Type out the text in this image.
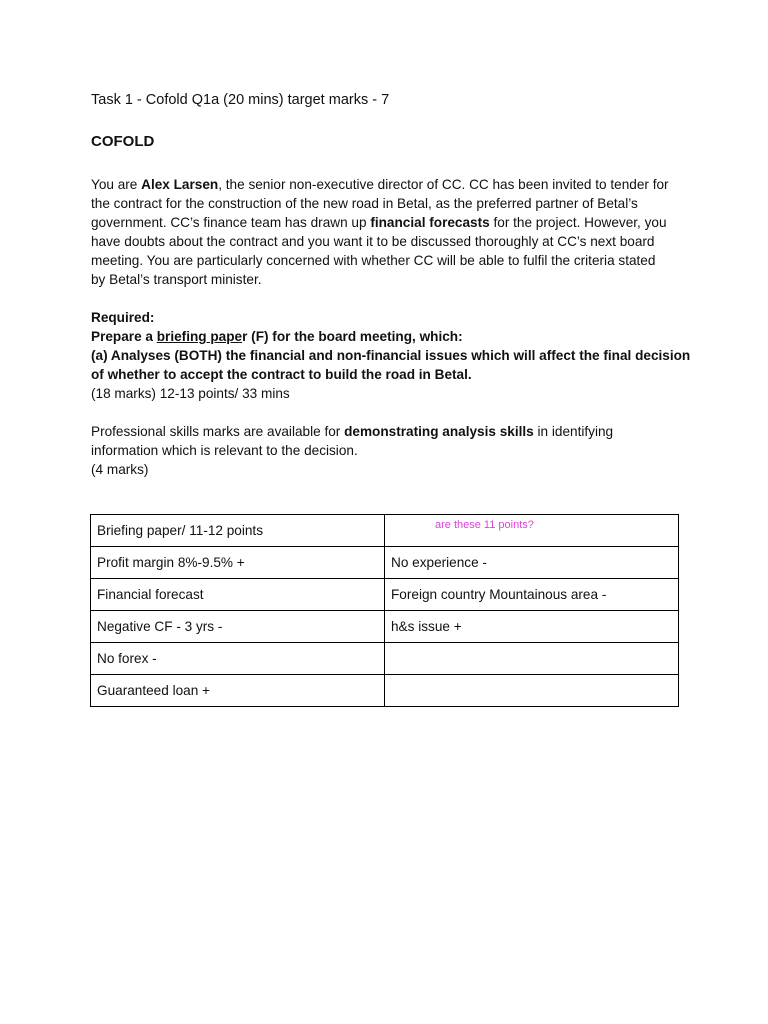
Task 1 - Cofold Q1a (20 mins) target marks - 7

COFOLD

You are Alex Larsen, the senior non-executive director of CC. CC has been invited to tender for
the contract for the construction of the new road in Betal, as the preferred partner of Betal’s
government. CC’s finance team has drawn up financial forecasts for the project. However, you
have doubts about the contract and you want it to be discussed thoroughly at CC’s next board
meeting. You are particularly concerned with whether CC will be able to fulfil the criteria stated
by Betal’s transport minister.

Required:
Prepare a briefing paper (F) for the board meeting, which:
(a) Analyses (BOTH) the financial and non-financial issues which will affect the final decision
of whether to accept the contract to build the road in Betal.
(18 marks) 12-13 points/ 33 mins

Professional skills marks are available for demonstrating analysis skills in identifying
information which is relevant to the decision.
(4 marks)

Briefing paper/ 11-12 points	are these 11 points?

Profit margin 8%-9.5% +	No experience -
Financial forecast	Foreign country Mountainous area -
Negative CF - 3 yrs -	h&s issue +
No forex -	
Guaranteed loan +	
